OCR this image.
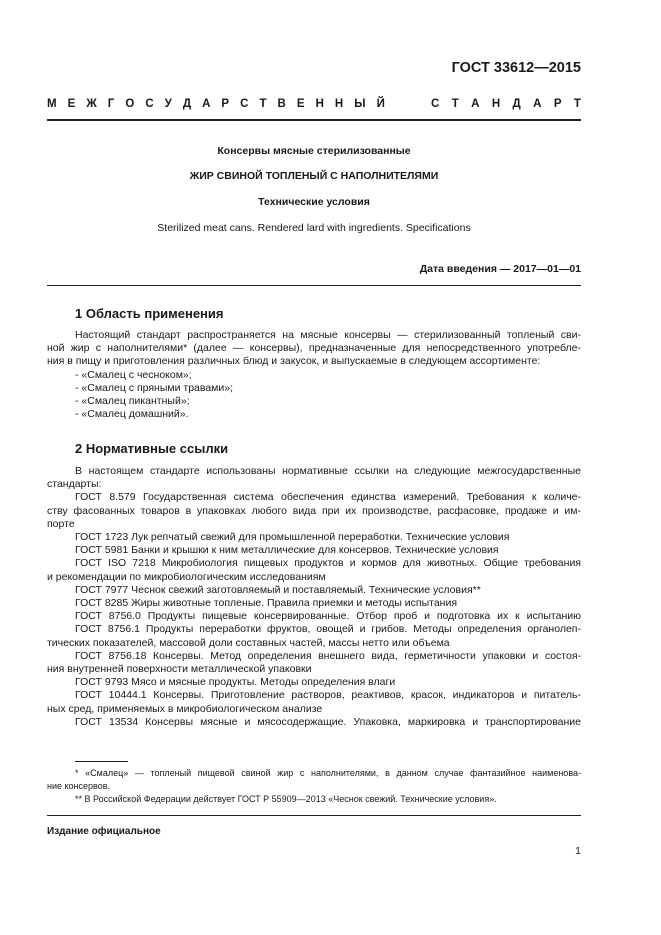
ГОСТ 33612—2015
М Е Ж Г О С У Д А Р С Т В Е Н Н Ы Й	С Т А Н Д А Р Т
Консервы мясные стерилизованные
ЖИР СВИНОЙ ТОПЛЕНЫЙ С НАПОЛНИТЕЛЯМИ
Технические условия
Sterilized meat cans. Rendered lard with ingredients. Specifications
Дата введения — 2017—01—01
1 Область применения

Настоящий стандарт распространяется на мясные консервы — стерилизованный топленый сви-

ной жир с наполнителями* (далее — консервы), предназначенные для непосредственного употребле-

ния в пищу и приготовления различных блюд и закусок, и выпускаемые в следующем ассортименте:

- «Смалец с чесноком»;

- «Смалец с пряными травами»;

- «Смалец пикантный»;

- «Смалец домашний».

2 Нормативные ссылки

В настоящем стандарте использованы нормативные ссылки на следующие межгосударственные

стандарты:

ГОСТ 8.579 Государственная система обеспечения единства измерений. Требования к количе-

ству фасованных товаров в упаковках любого вида при их производстве, расфасовке, продаже и им-

порте

ГОСТ 1723 Лук репчатый свежий для промышленной переработки. Технические условия

ГОСТ 5981 Банки и крышки к ним металлические для консервов. Технические условия

ГОСТ ISO 7218 Микробиология пищевых продуктов и кормов для животных. Общие требования

и рекомендации по микробиологическим исследованиям

ГОСТ 7977 Чеснок свежий заготовляемый и поставляемый. Технические условия**

ГОСТ 8285 Жиры животные топленые. Правила приемки и методы испытания

ГОСТ 8756.0 Продукты пищевые консервированные. Отбор проб и подготовка их к испытанию

ГОСТ 8756.1 Продукты переработки фруктов, овощей и грибов. Методы определения органолеп-

тических показателей, массовой доли составных частей, массы нетто или объема

ГОСТ 8756.18 Консервы. Метод определения внешнего вида, герметичности упаковки и состоя-

ния внутренней поверхности металлической упаковки

ГОСТ 9793 Мясо и мясные продукты. Методы определения влаги

ГОСТ 10444.1 Консервы. Приготовление растворов, реактивов, красок, индикаторов и питатель-

ных сред, применяемых в микробиологическом анализе

ГОСТ 13534 Консервы мясные и мясосодержащие. Упаковка, маркировка и транспортирование

* «Смалец» — топленый пищевой свиной жир с наполнителями, в данном случае фантазийное наименова-

ние консервов.

** В Российской Федерации действует ГОСТ Р 55909—2013 «Чеснок свежий. Технические условия».

Издание официальное
1
